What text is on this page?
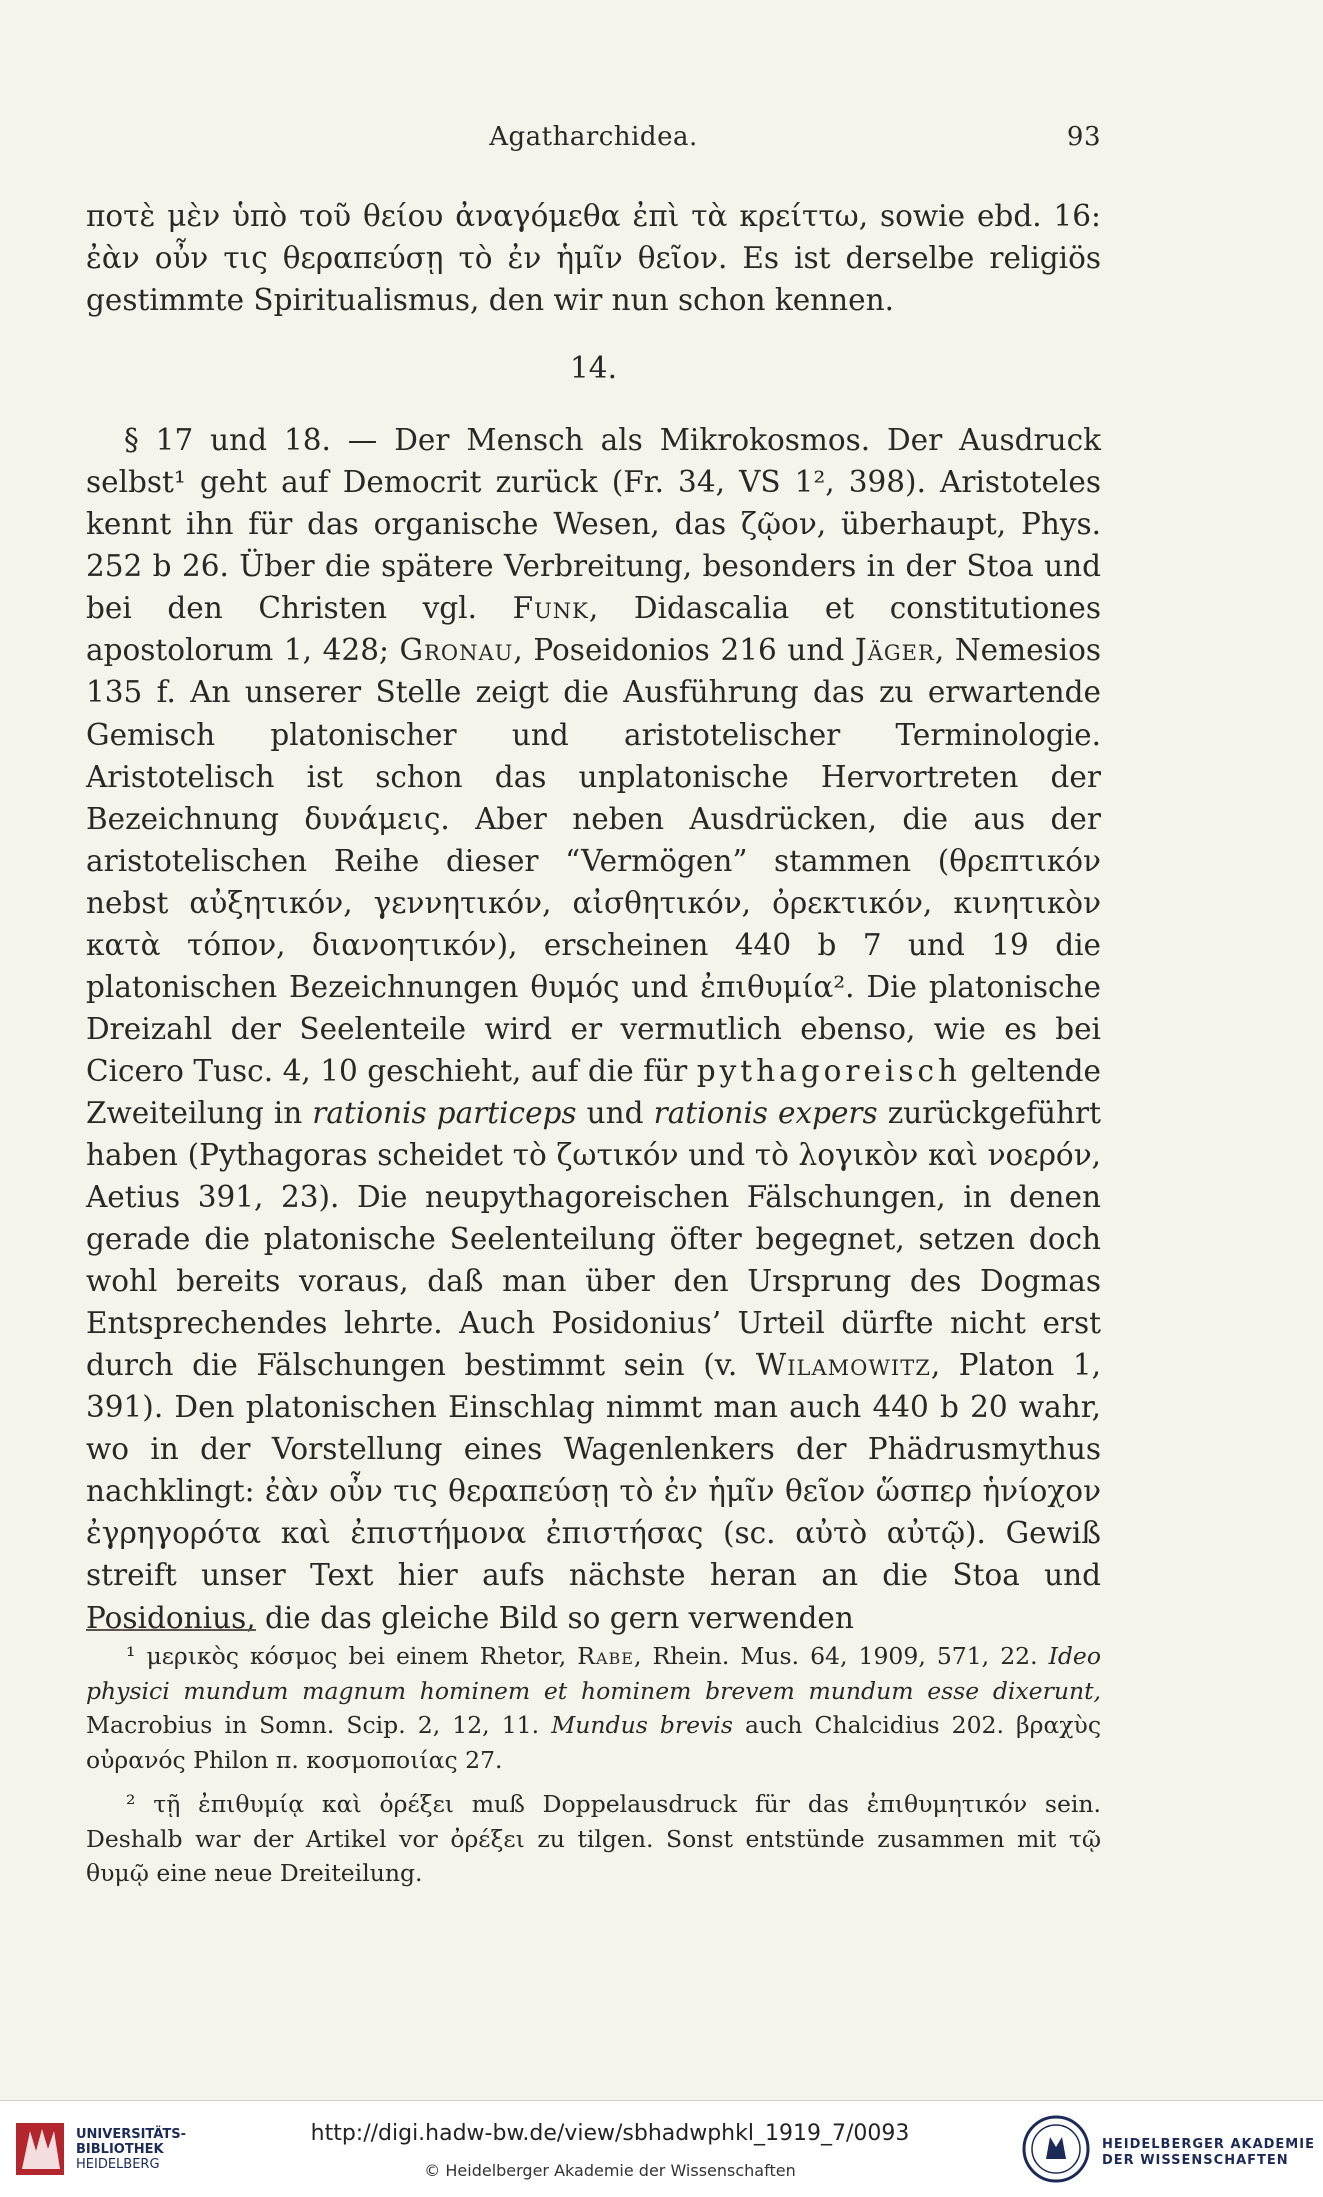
Agatharchidea.	93

ποτὲ μὲν ὑπὸ τοῦ θείου ἀναγόμεθα ἐπὶ τὰ κρείττω, sowie ebd. 16: ἐὰν οὖν τις θεραπεύσῃ τὸ ἐν ἡμῖν θεῖον. Es ist derselbe religiös gestimmte Spiritualismus, den wir nun schon kennen.

14.

§ 17 und 18. — Der Mensch als Mikrokosmos. Der Ausdruck selbst¹ geht auf Democrit zurück (Fr. 34, VS 1², 398). Aristoteles kennt ihn für das organische Wesen, das ζῷον, überhaupt, Phys. 252 b 26. Über die spätere Verbreitung, besonders in der Stoa und bei den Christen vgl. Funk, Didascalia et constitutiones apostolorum 1, 428; Gronau, Poseidonios 216 und Jäger, Nemesios 135 f. An unserer Stelle zeigt die Ausführung das zu erwartende Gemisch platonischer und aristotelischer Terminologie. Aristotelisch ist schon das unplatonische Hervortreten der Bezeichnung δυνάμεις. Aber neben Ausdrücken, die aus der aristotelischen Reihe dieser “Vermögen” stammen (θρεπτικόν nebst αὐξητικόν, γεννητικόν, αἰσθητικόν, ὀρεκτικόν, κινητικὸν κατὰ τόπον, διανοητικόν), erscheinen 440 b 7 und 19 die platonischen Bezeichnungen θυμός und ἐπιθυμία². Die platonische Dreizahl der Seelenteile wird er vermutlich ebenso, wie es bei Cicero Tusc. 4, 10 geschieht, auf die für pythagoreisch geltende Zweiteilung in rationis particeps und rationis expers zurückgeführt haben (Pythagoras scheidet τὸ ζωτικόν und τὸ λογικὸν καὶ νοερόν, Aetius 391, 23). Die neupythagoreischen Fälschungen, in denen gerade die platonische Seelenteilung öfter begegnet, setzen doch wohl bereits voraus, daß man über den Ursprung des Dogmas Entsprechendes lehrte. Auch Posidonius’ Urteil dürfte nicht erst durch die Fälschungen bestimmt sein (v. Wilamowitz, Platon 1, 391). Den platonischen Einschlag nimmt man auch 440 b 20 wahr, wo in der Vorstellung eines Wagenlenkers der Phädrusmythus nachklingt: ἐὰν οὖν τις θεραπεύσῃ τὸ ἐν ἡμῖν θεῖον ὥσπερ ἡνίοχον ἐγρηγορότα καὶ ἐπιστήμονα ἐπιστήσας (sc. αὐτὸ αὐτῷ). Gewiß streift unser Text hier aufs nächste heran an die Stoa und Posidonius, die das gleiche Bild so gern verwenden

¹ μερικὸς κόσμος bei einem Rhetor, Rabe, Rhein. Mus. 64, 1909, 571, 22. Ideo physici mundum magnum hominem et hominem brevem mundum esse dixerunt, Macrobius in Somn. Scip. 2, 12, 11. Mundus brevis auch Chalcidius 202. βραχὺς οὐρανός Philon π. κοσμοποιίας 27.

² τῇ ἐπιθυμίᾳ καὶ ὀρέξει muß Doppelausdruck für das ἐπιθυμητικόν sein. Deshalb war der Artikel vor ὀρέξει zu tilgen. Sonst entstünde zusammen mit τῷ θυμῷ eine neue Dreiteilung.

UNIVERSITÄTS-
BIBLIOTHEK
HEIDELBERG
http://digi.hadw-bw.de/view/sbhadwphkl_1919_7/0093
© Heidelberger Akademie der Wissenschaften
HEIDELBERGER AKADEMIE
DER WISSENSCHAFTEN
